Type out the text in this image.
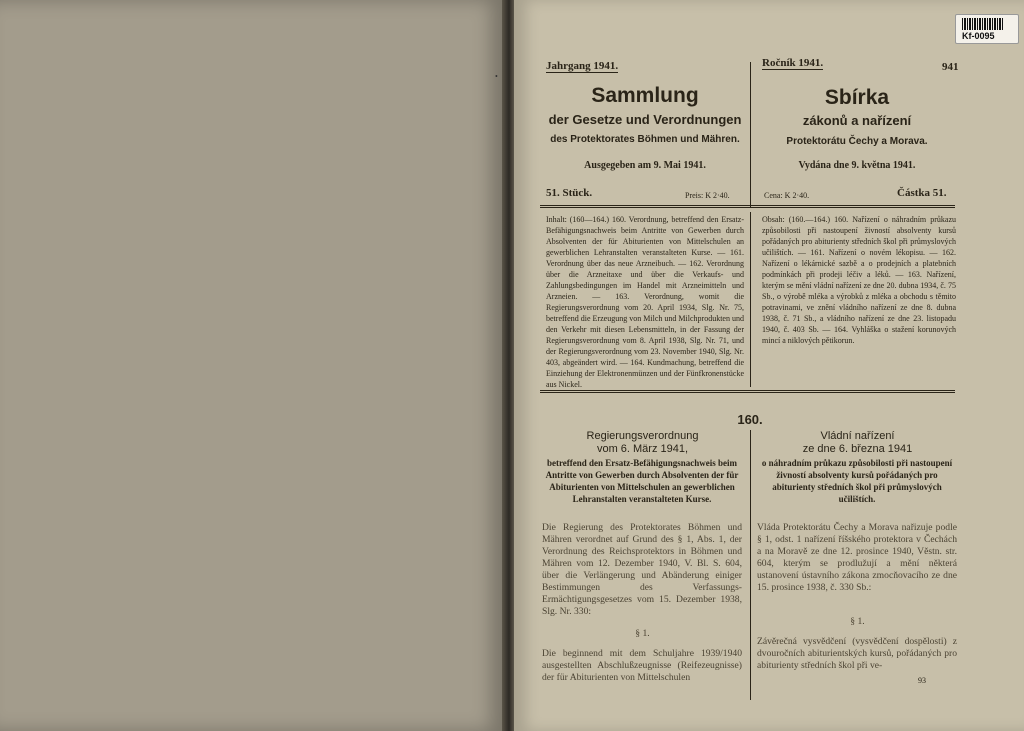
Kf-0095
•
Jahrgang 1941.	Ročník 1941.	941
Sammlung
der Gesetze und Verordnungen
des Protektorates Böhmen und Mähren.
Ausgegeben am 9. Mai 1941.
51. Stück.	Preis: K 2·40.
Sbírka
zákonů a nařízení
Protektorátu Čechy a Morava.
Vydána dne 9. května 1941.
Cena: K 2·40.	Částka 51.
Inhalt: (160—164.) 160. Verordnung, betreffend den Ersatz-Befähigungsnachweis beim Antritte von Gewerben durch Absolventen der für Abiturienten von Mittelschulen an gewerblichen Lehranstalten veranstalteten Kurse. — 161. Verordnung über das neue Arzneibuch. — 162. Verordnung über die Arzneitaxe und über die Verkaufs- und Zahlungsbedingungen im Handel mit Arzneimitteln und Arzneien. — 163. Verordnung, womit die Regierungsverordnung vom 20. April 1934, Slg. Nr. 75, betreffend die Erzeugung von Milch und Milchprodukten und den Verkehr mit diesen Lebensmitteln, in der Fassung der Regierungsverordnung vom 8. April 1938, Slg. Nr. 71, und der Regierungsverordnung vom 23. November 1940, Slg. Nr. 403, abgeändert wird. — 164. Kundmachung, betreffend die Einziehung der Elektronenmünzen und der Fünfkronenstücke aus Nickel.
Obsah: (160.—164.) 160. Nařízení o náhradním průkazu způsobilosti při nastoupení živností absolventy kursů pořádaných pro abiturienty středních škol při průmyslových učilištích. — 161. Nařízení o novém lékopisu. — 162. Nařízení o lékárnické sazbě a o prodejních a platebních podmínkách při prodeji léčiv a léků. — 163. Nařízení, kterým se mění vládní nařízení ze dne 20. dubna 1934, č. 75 Sb., o výrobě mléka a výrobků z mléka a obchodu s těmito potravinami, ve znění vládního nařízení ze dne 8. dubna 1938, č. 71 Sb., a vládního nařízení ze dne 23. listopadu 1940, č. 403 Sb. — 164. Vyhláška o stažení korunových mincí a niklových pětikorun.
160.
Regierungsverordnung
vom 6. März 1941,
betreffend den Ersatz-Befähigungsnachweis beim Antritte von Gewerben durch Absolventen der für Abiturienten von Mittelschulen an gewerblichen Lehranstalten veranstalteten Kurse.
Die Regierung des Protektorates Böhmen und Mähren verordnet auf Grund des § 1, Abs. 1, der Verordnung des Reichsprotektors in Böhmen und Mähren vom 12. Dezember 1940, V. Bl. S. 604, über die Verlängerung und Abänderung einiger Bestimmungen des Verfassungs-Ermächtigungsgesetzes vom 15. Dezember 1938, Slg. Nr. 330:
§ 1.
Die beginnend mit dem Schuljahre 1939/1940 ausgestellten Abschlußzeugnisse (Reifezeugnisse) der für Abiturienten von Mittelschulen
Vládní nařízení
ze dne 6. března 1941
o náhradním průkazu způsobilosti při nastoupení živností absolventy kursů pořádaných pro abiturienty středních škol při průmyslových učilištích.
Vláda Protektorátu Čechy a Morava nařizuje podle § 1, odst. 1 nařízení říšského protektora v Čechách a na Moravě ze dne 12. prosince 1940, Věstn. str. 604, kterým se prodlužují a mění některá ustanovení ústavního zákona zmocňovacího ze dne 15. prosince 1938, č. 330 Sb.:
§ 1.
Závěrečná vysvědčení (vysvědčení dospělosti) z dvouročních abiturientských kursů, pořádaných pro abiturienty středních škol při ve-
93
